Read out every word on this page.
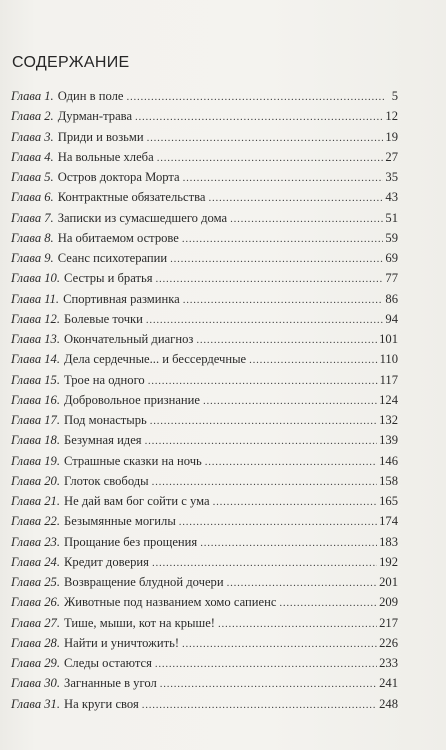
СОДЕРЖАНИЕ
Глава 1. Один в поле . . .	5
Глава 2. Дурман-трава . . .	12
Глава 3. Приди и возьми . . .	19
Глава 4. На вольные хлеба . . .	27
Глава 5. Остров доктора Морта . . .	35
Глава 6. Контрактные обязательства . . .	43
Глава 7. Записки из сумасшедшего дома . . .	51
Глава 8. На обитаемом острове . . .	59
Глава 9. Сеанс психотерапии . . .	69
Глава 10. Сестры и братья . . .	77
Глава 11. Спортивная разминка . . .	86
Глава 12. Болевые точки . . .	94
Глава 13. Окончательный диагноз . . .	101
Глава 14. Дела сердечные... и бессердечные . . .	110
Глава 15. Трое на одного . . .	117
Глава 16. Добровольное признание . . .	124
Глава 17. Под монастырь . . .	132
Глава 18. Безумная идея . . .	139
Глава 19. Страшные сказки на ночь . . .	146
Глава 20. Глоток свободы . . .	158
Глава 21. Не дай вам бог сойти с ума . . .	165
Глава 22. Безымянные могилы . . .	174
Глава 23. Прощание без прощения . . .	183
Глава 24. Кредит доверия . . .	192
Глава 25. Возвращение блудной дочери . . .	201
Глава 26. Животные под названием хомо сапиенс . . .	209
Глава 27. Тише, мыши, кот на крыше! . . .	217
Глава 28. Найти и уничтожить! . . .	226
Глава 29. Следы остаются . . .	233
Глава 30. Загнанные в угол . . .	241
Глава 31. На круги своя . . .	248
